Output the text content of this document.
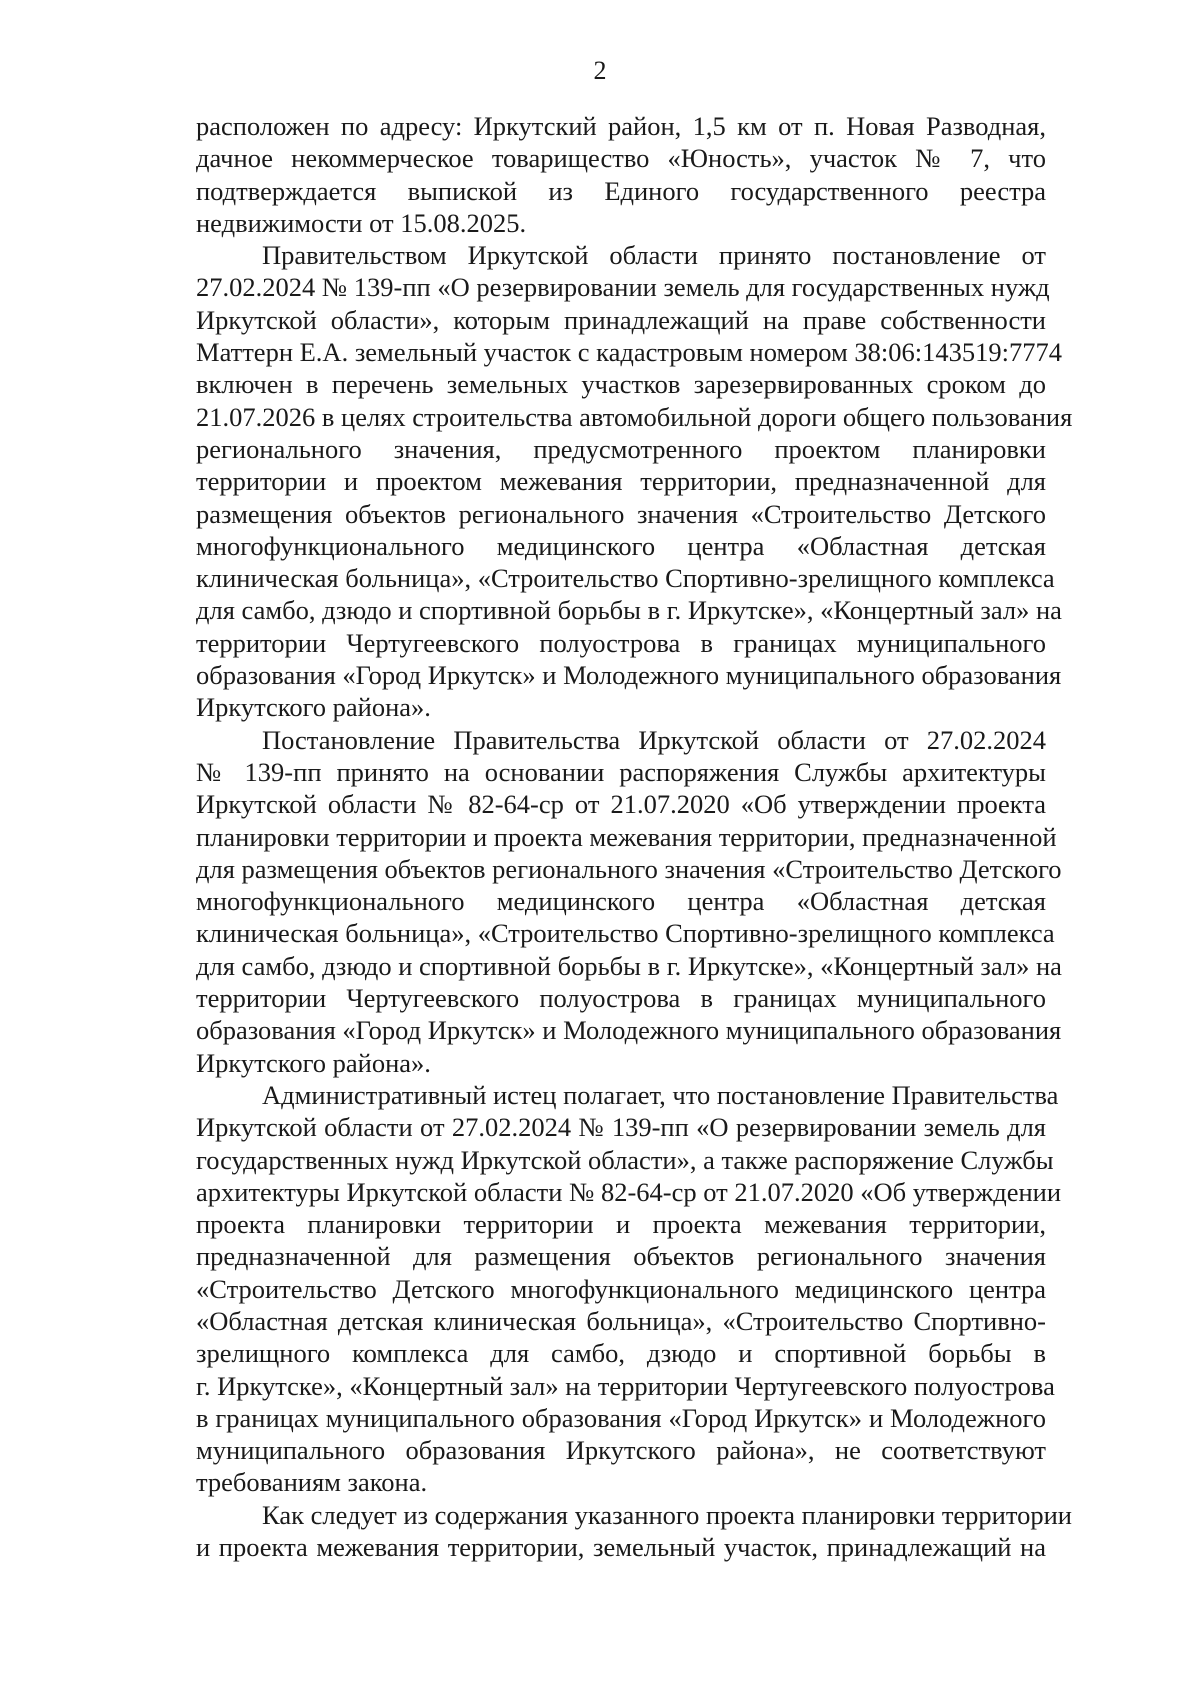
2

расположен по адресу: Иркутский район, 1,5 км от п. Новая Разводная,
дачное некоммерческое товарищество «Юность», участок № 7, что
подтверждается выпиской из Единого государственного реестра
недвижимости от 15.08.2025.

Правительством Иркутской области принято постановление от
27.02.2024 № 139-пп «О резервировании земель для государственных нужд
Иркутской области», которым принадлежащий на праве собственности
Маттерн Е.А. земельный участок с кадастровым номером 38:06:143519:7774
включен в перечень земельных участков зарезервированных сроком до
21.07.2026 в целях строительства автомобильной дороги общего пользования
регионального значения, предусмотренного проектом планировки
территории и проектом межевания территории, предназначенной для
размещения объектов регионального значения «Строительство Детского
многофункционального медицинского центра «Областная детская
клиническая больница», «Строительство Спортивно-зрелищного комплекса
для самбо, дзюдо и спортивной борьбы в г. Иркутске», «Концертный зал» на
территории Чертугеевского полуострова в границах муниципального
образования «Город Иркутск» и Молодежного муниципального образования
Иркутского района».

Постановление Правительства Иркутской области от 27.02.2024
№ 139-пп принято на основании распоряжения Службы архитектуры
Иркутской области № 82-64-ср от 21.07.2020 «Об утверждении проекта
планировки территории и проекта межевания территории, предназначенной
для размещения объектов регионального значения «Строительство Детского
многофункционального медицинского центра «Областная детская
клиническая больница», «Строительство Спортивно-зрелищного комплекса
для самбо, дзюдо и спортивной борьбы в г. Иркутске», «Концертный зал» на
территории Чертугеевского полуострова в границах муниципального
образования «Город Иркутск» и Молодежного муниципального образования
Иркутского района».

Административный истец полагает, что постановление Правительства
Иркутской области от 27.02.2024 № 139-пп «О резервировании земель для
государственных нужд Иркутской области», а также распоряжение Службы
архитектуры Иркутской области № 82-64-ср от 21.07.2020 «Об утверждении
проекта планировки территории и проекта межевания территории,
предназначенной для размещения объектов регионального значения
«Строительство Детского многофункционального медицинского центра
«Областная детская клиническая больница», «Строительство Спортивно-
зрелищного комплекса для самбо, дзюдо и спортивной борьбы в
г. Иркутске», «Концертный зал» на территории Чертугеевского полуострова
в границах муниципального образования «Город Иркутск» и Молодежного
муниципального образования Иркутского района», не соответствуют
требованиям закона.

Как следует из содержания указанного проекта планировки территории
и проекта межевания территории, земельный участок, принадлежащий на
